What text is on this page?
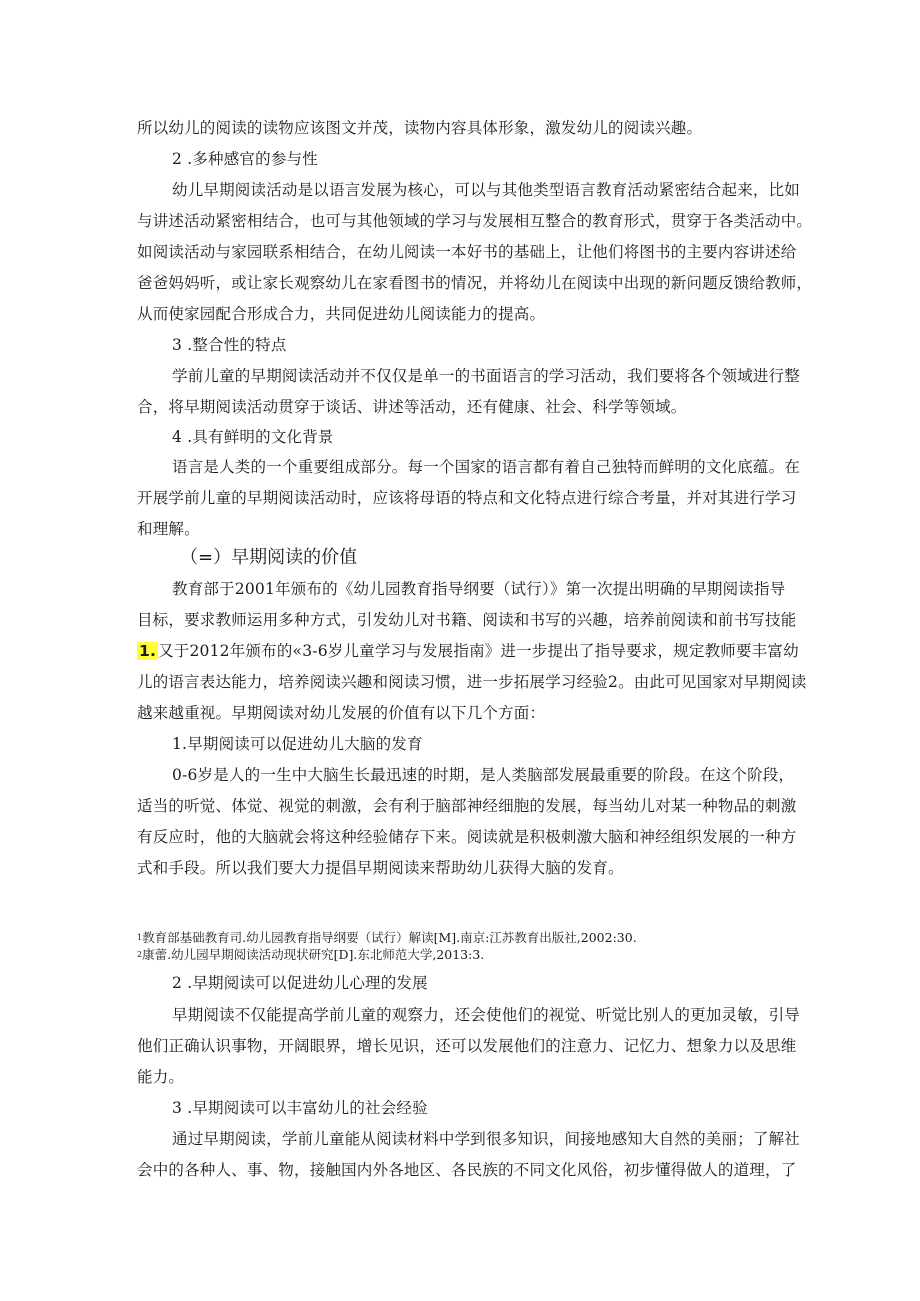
所以幼儿的阅读的读物应该图文并茂，读物内容具体形象，激发幼儿的阅读兴趣。
2 .多种感官的参与性
幼儿早期阅读活动是以语言发展为核心，可以与其他类型语言教育活动紧密结合起来，比如
与讲述活动紧密相结合，也可与其他领域的学习与发展相互整合的教育形式，贯穿于各类活动中。
如阅读活动与家园联系相结合，在幼儿阅读一本好书的基础上，让他们将图书的主要内容讲述给
爸爸妈妈听，或让家长观察幼儿在家看图书的情况，并将幼儿在阅读中出现的新问题反馈给教师，
从而使家园配合形成合力，共同促进幼儿阅读能力的提高。
3 .整合性的特点
学前儿童的早期阅读活动并不仅仅是单一的书面语言的学习活动，我们要将各个领域进行整
合，将早期阅读活动贯穿于谈话、讲述等活动，还有健康、社会、科学等领域。
4 .具有鲜明的文化背景
语言是人类的一个重要组成部分。每一个国家的语言都有着自己独特而鲜明的文化底蕴。在
开展学前儿童的早期阅读活动时，应该将母语的特点和文化特点进行综合考量，并对其进行学习
和理解。
（=）早期阅读的价值
教育部于2001年颁布的《幼儿园教育指导纲要（试行）》第一次提出明确的早期阅读指导
目标，要求教师运用多种方式，引发幼儿对书籍、阅读和书写的兴趣，培养前阅读和前书写技能
1. 又于2012年颁布的«3-6岁儿童学习与发展指南》进一步提出了指导要求，规定教师要丰富幼
儿的语言表达能力，培养阅读兴趣和阅读习惯，进一步拓展学习经验2。由此可见国家对早期阅读
越来越重视。早期阅读对幼儿发展的价值有以下几个方面：
1.早期阅读可以促进幼儿大脑的发育
0-6岁是人的一生中大脑生长最迅速的时期，是人类脑部发展最重要的阶段。在这个阶段，
适当的听觉、体觉、视觉的刺激，会有利于脑部神经细胞的发展，每当幼儿对某一种物品的刺激
有反应时，他的大脑就会将这种经验储存下来。阅读就是积极刺激大脑和神经组织发展的一种方
式和手段。所以我们要大力提倡早期阅读来帮助幼儿获得大脑的发育。
$^1$教育部基础教育司.幼儿园教育指导纲要（试行）解读[M].南京:江苏教育出版社,2002:30.
$^2$康蕾.幼儿园早期阅读活动现状研究[D].东北师范大学,2013:3.
2 .早期阅读可以促进幼儿心理的发展
早期阅读不仅能提高学前儿童的观察力，还会使他们的视觉、听觉比别人的更加灵敏，引导
他们正确认识事物，开阔眼界，增长见识，还可以发展他们的注意力、记忆力、想象力以及思维
能力。
3 .早期阅读可以丰富幼儿的社会经验
通过早期阅读，学前儿童能从阅读材料中学到很多知识，间接地感知大自然的美丽；了解社
会中的各种人、事、物，接触国内外各地区、各民族的不同文化风俗，初步懂得做人的道理，了
